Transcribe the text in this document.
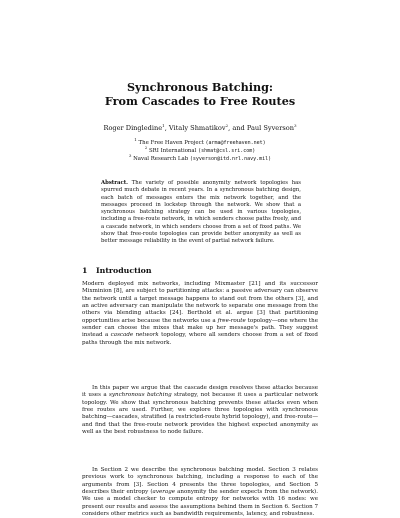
Synchronous Batching:
From Cascades to Free Routes
Roger Dingledine$^1$, Vitaly Shmatikov$^2$, and Paul Syverson$^3$
$^1$ The Free Haven Project (arma@freehaven.net)
$^2$ SRI International (shmat@csl.sri.com)
$^3$ Naval Research Lab (syverson@itd.nrl.navy.mil)
Abstract. The variety of possible anonymity network topologies has spurred much debate in recent years. In a synchronous batching design, each batch of messages enters the mix network together, and the messages proceed in lockstep through the network. We show that a synchronous batching strategy can be used in various topologies, including a free-route network, in which senders choose paths freely, and a cascade network, in which senders choose from a set of fixed paths. We show that free-route topologies can provide better anonymity as well as better message reliability in the event of partial network failure.
1 Introduction

Modern deployed mix networks, including Mixmaster [21] and its successor Mixminion [8], are subject to partitioning attacks: a passive adversary can observe the network until a target message happens to stand out from the others [3], and an active adversary can manipulate the network to separate one message from the others via blending attacks [24]. Berthold et al. argue [3] that partitioning opportunities arise because the networks use a free-route topology—one where the sender can choose the mixes that make up her message's path. They suggest instead a cascade network topology, where all senders choose from a set of fixed paths through the mix network.

In this paper we argue that the cascade design resolves these attacks because it uses a synchronous batching strategy, not because it uses a particular network topology. We show that synchronous batching prevents these attacks even when free routes are used. Further, we explore three topologies with synchronous batching—cascades, stratified (a restricted-route hybrid topology), and free-route—and find that the free-route network provides the highest expected anonymity as well as the best robustness to node failure.

In Section 2 we describe the synchronous batching model. Section 3 relates previous work to synchronous batching, including a response to each of the arguments from [3]. Section 4 presents the three topologies, and Section 5 describes their entropy (average anonymity the sender expects from the network). We use a model checker to compute entropy for networks with 16 nodes: we present our results and assess the assumptions behind them in Section 6. Section 7 considers other metrics such as bandwidth requirements, latency, and robustness.
